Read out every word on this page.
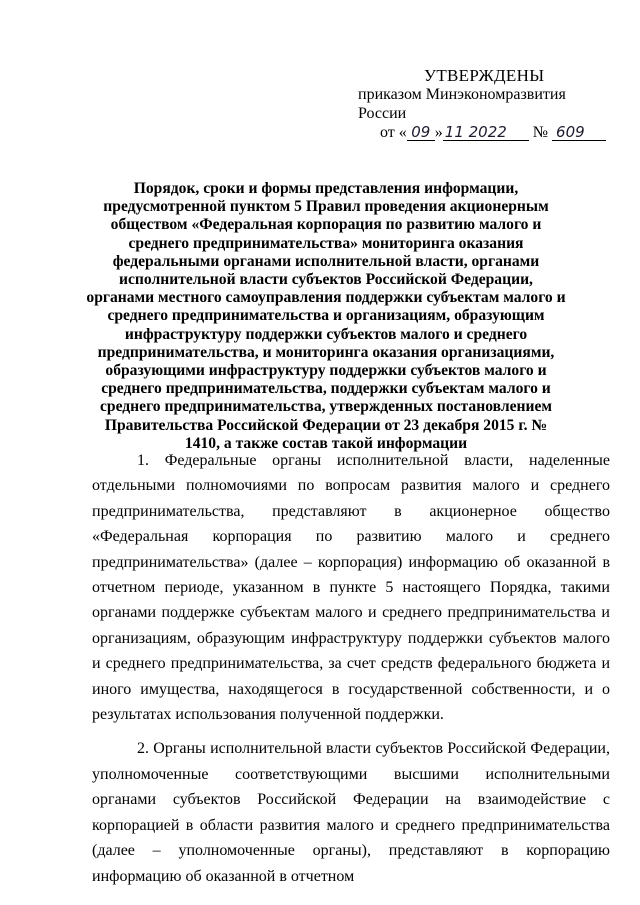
УТВЕРЖДЕНЫ
приказом Минэкономразвития России
от « 09 » 11 2022 № 609
Порядок, сроки и формы представления информации, предусмотренной пунктом 5 Правил проведения акционерным обществом «Федеральная корпорация по развитию малого и среднего предпринимательства» мониторинга оказания федеральными органами исполнительной власти, органами исполнительной власти субъектов Российской Федерации, органами местного самоуправления поддержки субъектам малого и среднего предпринимательства и организациям, образующим инфраструктуру поддержки субъектов малого и среднего предпринимательства, и мониторинга оказания организациями, образующими инфраструктуру поддержки субъектов малого и среднего предпринимательства, поддержки субъектам малого и среднего предпринимательства, утвержденных постановлением Правительства Российской Федерации от 23 декабря 2015 г. № 1410, а также состав такой информации

1. Федеральные органы исполнительной власти, наделенные отдельными полномочиями по вопросам развития малого и среднего предпринимательства, представляют в акционерное общество «Федеральная корпорация по развитию малого и среднего предпринимательства» (далее – корпорация) информацию об оказанной в отчетном периоде, указанном в пункте 5 настоящего Порядка, такими органами поддержке субъектам малого и среднего предпринимательства и организациям, образующим инфраструктуру поддержки субъектов малого и среднего предпринимательства, за счет средств федерального бюджета и иного имущества, находящегося в государственной собственности, и о результатах использования полученной поддержки.

2. Органы исполнительной власти субъектов Российской Федерации, уполномоченные соответствующими высшими исполнительными органами субъектов Российской Федерации на взаимодействие с корпорацией в области развития малого и среднего предпринимательства (далее – уполномоченные органы), представляют в корпорацию информацию об оказанной в отчетном
